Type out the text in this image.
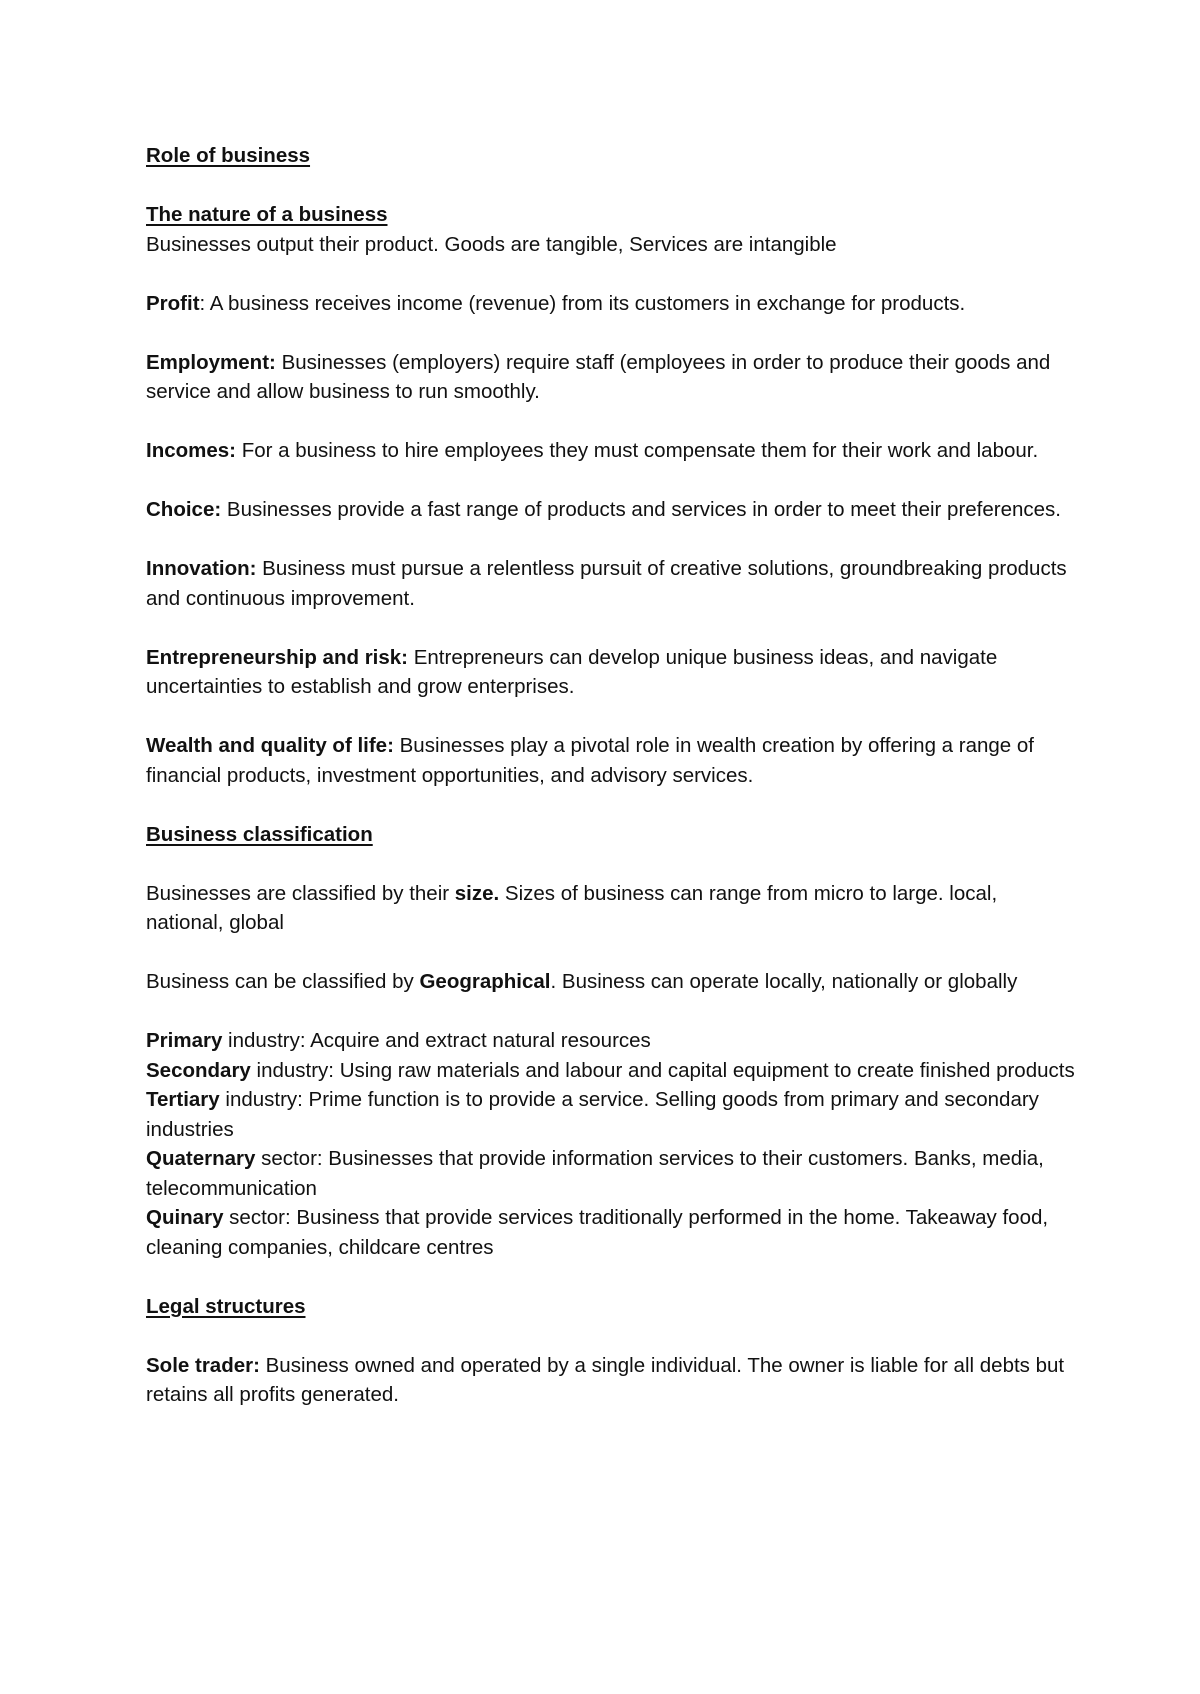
Role of business

The nature of a business

Businesses output their product. Goods are tangible, Services are intangible

Profit: A business receives income (revenue) from its customers in exchange for products.

Employment: Businesses (employers) require staff (employees in order to produce their goods and service and allow business to run smoothly.

Incomes: For a business to hire employees they must compensate them for their work and labour.

Choice: Businesses provide a fast range of products and services in order to meet their preferences.

Innovation: Business must pursue a relentless pursuit of creative solutions, groundbreaking products and continuous improvement.

Entrepreneurship and risk: Entrepreneurs can develop unique business ideas, and navigate uncertainties to establish and grow enterprises.

Wealth and quality of life: Businesses play a pivotal role in wealth creation by offering a range of financial products, investment opportunities, and advisory services.

Business classification

Businesses are classified by their size. Sizes of business can range from micro to large. local, national, global

Business can be classified by Geographical. Business can operate locally, nationally or globally

Primary industry: Acquire and extract natural resources

Secondary industry: Using raw materials and labour and capital equipment to create finished products

Tertiary industry: Prime function is to provide a service. Selling goods from primary and secondary industries

Quaternary sector: Businesses that provide information services to their customers. Banks, media, telecommunication

Quinary sector: Business that provide services traditionally performed in the home. Takeaway food, cleaning companies, childcare centres

Legal structures

Sole trader: Business owned and operated by a single individual. The owner is liable for all debts but retains all profits generated.
